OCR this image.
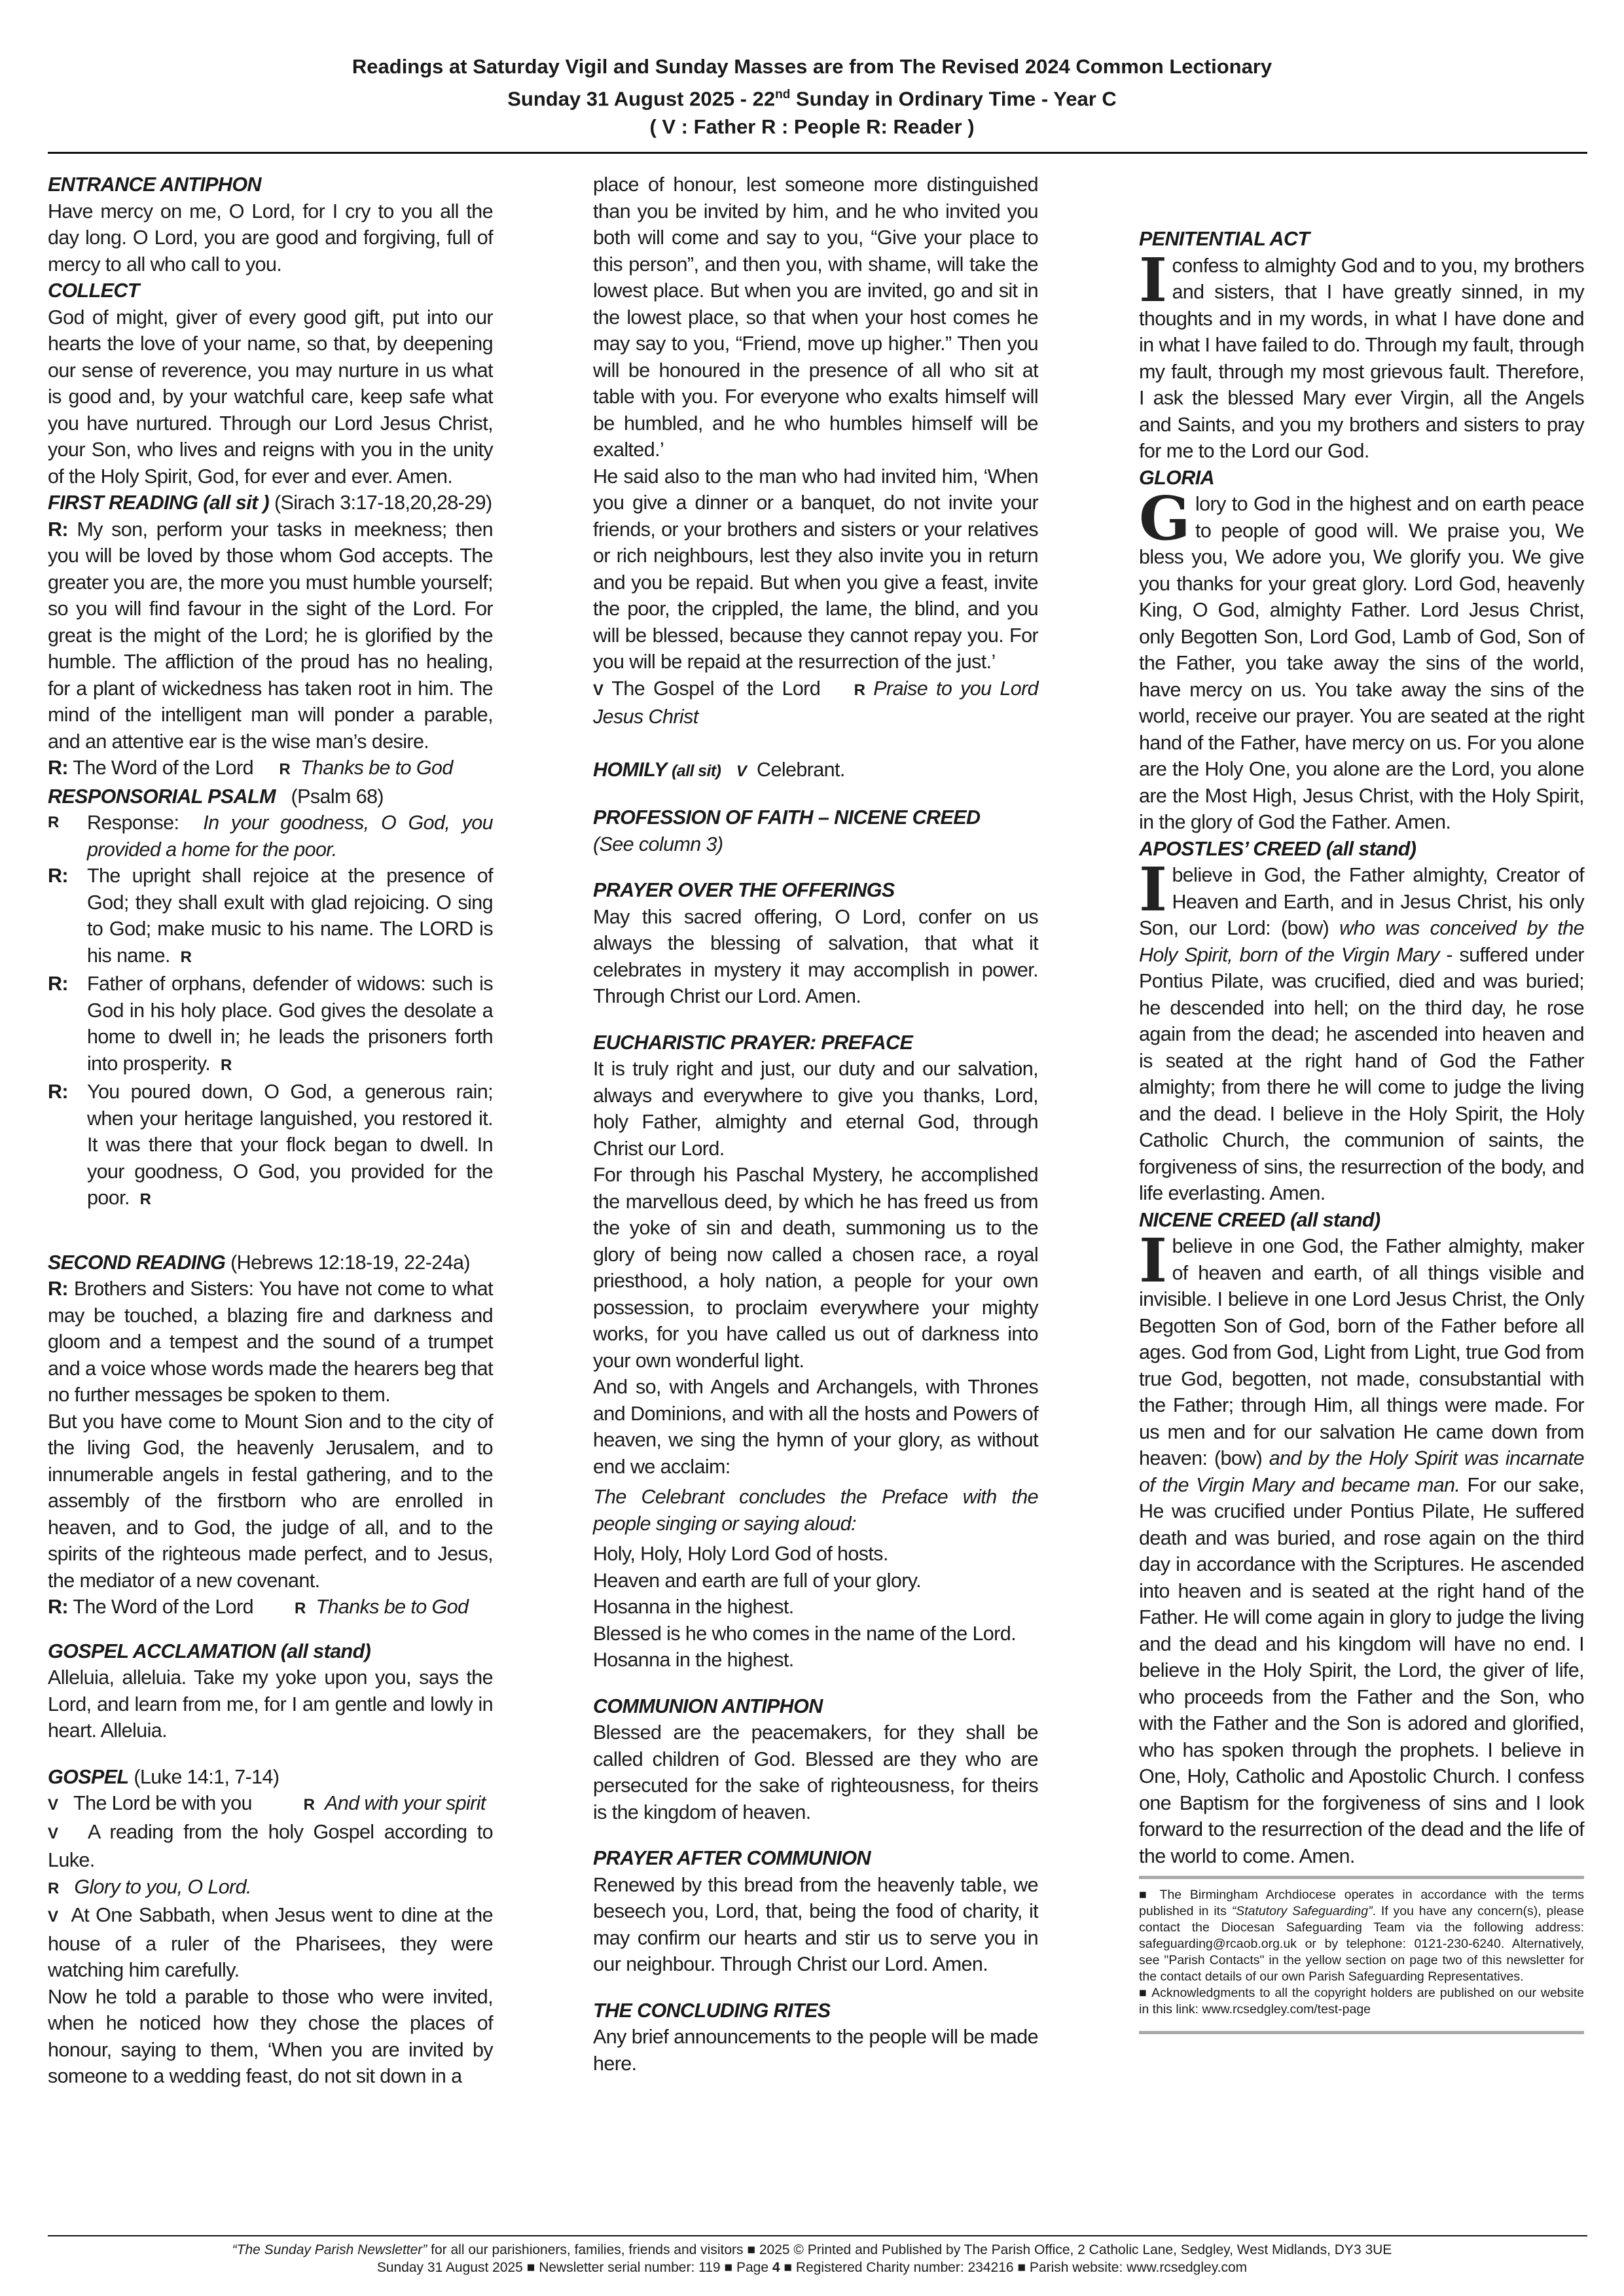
Readings at Saturday Vigil and Sunday Masses are from The Revised 2024 Common Lectionary
Sunday 31 August 2025 - 22nd Sunday in Ordinary Time - Year C
( V : Father R : People R: Reader )

ENTRANCE ANTIPHON

Have mercy on me, O Lord, for I cry to you all the day long. O Lord, you are good and forgiving, full of mercy to all who call to you.

COLLECT

God of might, giver of every good gift, put into our hearts the love of your name, so that, by deepening our sense of reverence, you may nurture in us what is good and, by your watchful care, keep safe what you have nurtured. Through our Lord Jesus Christ, your Son, who lives and reigns with you in the unity of the Holy Spirit, God, for ever and ever. Amen.

FIRST READING (all sit ) (Sirach 3:17-18,20,28-29)

R: My son, perform your tasks in meekness; then you will be loved by those whom God accepts. The greater you are, the more you must humble yourself; so you will find favour in the sight of the Lord. For great is the might of the Lord; he is glorified by the humble. The affliction of the proud has no healing, for a plant of wickedness has taken root in him. The mind of the intelligent man will ponder a parable, and an attentive ear is the wise man’s desire.

R: The Word of the Lord R Thanks be to God

RESPONSORIAL PSALM (Psalm 68)

R	Response: In your goodness, O God, you provided a home for the poor.
R: The upright shall rejoice at the presence of God; they shall exult with glad rejoicing. O sing to God; make music to his name. The LORD is his name. R
R: Father of orphans, defender of widows: such is God in his holy place. God gives the desolate a home to dwell in; he leads the prisoners forth into prosperity. R
R: You poured down, O God, a generous rain; when your heritage languished, you restored it. It was there that your flock began to dwell. In your goodness, O God, you provided for the poor. R

SECOND READING (Hebrews 12:18-19, 22-24a)

R: Brothers and Sisters: You have not come to what may be touched, a blazing fire and darkness and gloom and a tempest and the sound of a trumpet and a voice whose words made the hearers beg that no further messages be spoken to them.

But you have come to Mount Sion and to the city of the living God, the heavenly Jerusalem, and to innumerable angels in festal gathering, and to the assembly of the firstborn who are enrolled in heaven, and to God, the judge of all, and to the spirits of the righteous made perfect, and to Jesus, the mediator of a new covenant.

R: The Word of the Lord	R Thanks be to God

GOSPEL ACCLAMATION (all stand)

Alleluia, alleluia. Take my yoke upon you, says the Lord, and learn from me, for I am gentle and lowly in heart. Alleluia.

GOSPEL (Luke 14:1, 7-14)

V The Lord be with you	R And with your spirit

V A reading from the holy Gospel according to Luke.

R Glory to you, O Lord.

V At One Sabbath, when Jesus went to dine at the house of a ruler of the Pharisees, they were watching him carefully.

Now he told a parable to those who were invited, when he noticed how they chose the places of honour, saying to them, ‘When you are invited by someone to a wedding feast, do not sit down in a

place of honour, lest someone more distinguished than you be invited by him, and he who invited you both will come and say to you, “Give your place to this person”, and then you, with shame, will take the lowest place. But when you are invited, go and sit in the lowest place, so that when your host comes he may say to you, “Friend, move up higher.” Then you will be honoured in the presence of all who sit at table with you. For everyone who exalts himself will be humbled, and he who humbles himself will be exalted.’

He said also to the man who had invited him, ‘When you give a dinner or a banquet, do not invite your friends, or your brothers and sisters or your relatives or rich neighbours, lest they also invite you in return and you be repaid. But when you give a feast, invite the poor, the crippled, the lame, the blind, and you will be blessed, because they cannot repay you. For you will be repaid at the resurrection of the just.’

V The Gospel of the Lord R Praise to you Lord Jesus Christ

HOMILY (all sit) V Celebrant.

PROFESSION OF FAITH – NICENE CREED

(See column 3)

PRAYER OVER THE OFFERINGS

May this sacred offering, O Lord, confer on us always the blessing of salvation, that what it celebrates in mystery it may accomplish in power. Through Christ our Lord. Amen.

EUCHARISTIC PRAYER: PREFACE

It is truly right and just, our duty and our salvation, always and everywhere to give you thanks, Lord, holy Father, almighty and eternal God, through Christ our Lord.

For through his Paschal Mystery, he accomplished the marvellous deed, by which he has freed us from the yoke of sin and death, summoning us to the glory of being now called a chosen race, a royal priesthood, a holy nation, a people for your own possession, to proclaim everywhere your mighty works, for you have called us out of darkness into your own wonderful light.

And so, with Angels and Archangels, with Thrones and Dominions, and with all the hosts and Powers of heaven, we sing the hymn of your glory, as without end we acclaim:

The Celebrant concludes the Preface with the people singing or saying aloud:

Holy, Holy, Holy Lord God of hosts.

Heaven and earth are full of your glory.

Hosanna in the highest.

Blessed is he who comes in the name of the Lord.

Hosanna in the highest.

COMMUNION ANTIPHON

Blessed are the peacemakers, for they shall be called children of God. Blessed are they who are persecuted for the sake of righteousness, for theirs is the kingdom of heaven.

PRAYER AFTER COMMUNION

Renewed by this bread from the heavenly table, we beseech you, Lord, that, being the food of charity, it may confirm our hearts and stir us to serve you in our neighbour. Through Christ our Lord. Amen.

THE CONCLUDING RITES

Any brief announcements to the people will be made here.

PENITENTIAL ACT

I confess to almighty God and to you, my brothers and sisters, that I have greatly sinned, in my thoughts and in my words, in what I have done and in what I have failed to do. Through my fault, through my fault, through my most grievous fault. Therefore, I ask the blessed Mary ever Virgin, all the Angels and Saints, and you my brothers and sisters to pray for me to the Lord our God.

GLORIA

Glory to God in the highest and on earth peace to people of good will. We praise you, We bless you, We adore you, We glorify you. We give you thanks for your great glory. Lord God, heavenly King, O God, almighty Father. Lord Jesus Christ, only Begotten Son, Lord God, Lamb of God, Son of the Father, you take away the sins of the world, have mercy on us. You take away the sins of the world, receive our prayer. You are seated at the right hand of the Father, have mercy on us. For you alone are the Holy One, you alone are the Lord, you alone are the Most High, Jesus Christ, with the Holy Spirit, in the glory of God the Father. Amen.

APOSTLES’ CREED (all stand)

I believe in God, the Father almighty, Creator of Heaven and Earth, and in Jesus Christ, his only Son, our Lord: (bow) who was conceived by the Holy Spirit, born of the Virgin Mary - suffered under Pontius Pilate, was crucified, died and was buried; he descended into hell; on the third day, he rose again from the dead; he ascended into heaven and is seated at the right hand of God the Father almighty; from there he will come to judge the living and the dead. I believe in the Holy Spirit, the Holy Catholic Church, the communion of saints, the forgiveness of sins, the resurrection of the body, and life everlasting. Amen.

NICENE CREED (all stand)

I believe in one God, the Father almighty, maker of heaven and earth, of all things visible and invisible. I believe in one Lord Jesus Christ, the Only Begotten Son of God, born of the Father before all ages. God from God, Light from Light, true God from true God, begotten, not made, consubstantial with the Father; through Him, all things were made. For us men and for our salvation He came down from heaven: (bow) and by the Holy Spirit was incarnate of the Virgin Mary and became man. For our sake, He was crucified under Pontius Pilate, He suffered death and was buried, and rose again on the third day in accordance with the Scriptures. He ascended into heaven and is seated at the right hand of the Father. He will come again in glory to judge the living and the dead and his kingdom will have no end. I believe in the Holy Spirit, the Lord, the giver of life, who proceeds from the Father and the Son, who with the Father and the Son is adored and glorified, who has spoken through the prophets. I believe in One, Holy, Catholic and Apostolic Church. I confess one Baptism for the forgiveness of sins and I look forward to the resurrection of the dead and the life of the world to come. Amen.

■ The Birmingham Archdiocese operates in accordance with the terms published in its “Statutory Safeguarding”. If you have any concern(s), please contact the Diocesan Safeguarding Team via the following address: safeguarding@rcaob.org.uk or by telephone: 0121-230-6240. Alternatively, see "Parish Contacts" in the yellow section on page two of this newsletter for the contact details of our own Parish Safeguarding Representatives.
■ Acknowledgments to all the copyright holders are published on our website in this link: www.rcsedgley.com/test-page
“The Sunday Parish Newsletter” for all our parishioners, families, friends and visitors ■ 2025 © Printed and Published by The Parish Office, 2 Catholic Lane, Sedgley, West Midlands, DY3 3UE
Sunday 31 August 2025 ■ Newsletter serial number: 119 ■ Page 4 ■ Registered Charity number: 234216 ■ Parish website: www.rcsedgley.com
